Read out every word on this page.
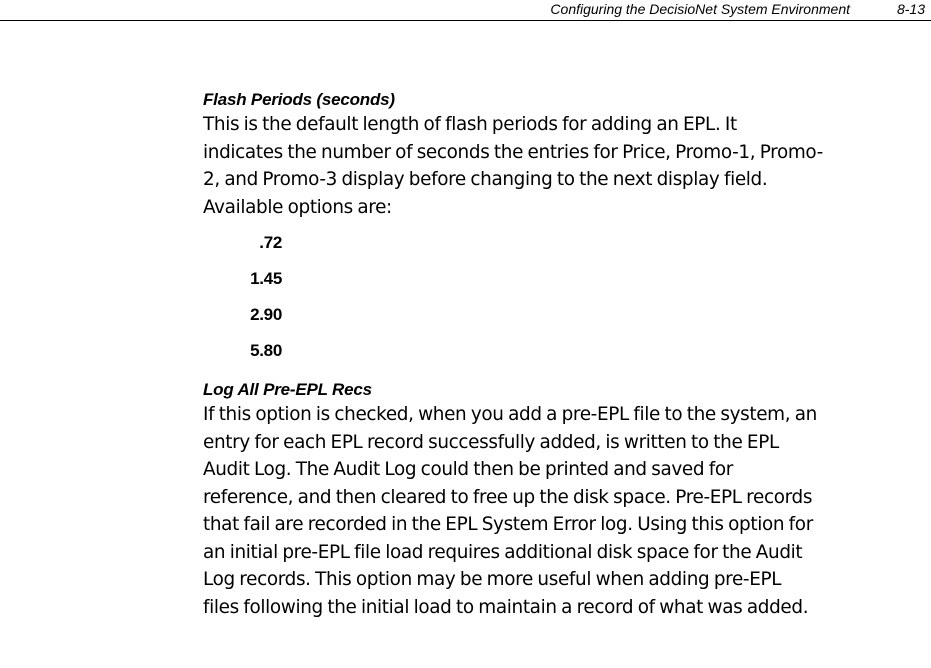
Configuring the DecisioNet System Environment	8-13
Flash Periods (seconds)

This is the default length of flash periods for adding an EPL. It
indicates the number of seconds the entries for Price, Promo-1, Promo-
2, and Promo-3 display before changing to the next display field.
Available options are:

.72
1.45
2.90
5.80
Log All Pre-EPL Recs

If this option is checked, when you add a pre-EPL file to the system, an
entry for each EPL record successfully added, is written to the EPL
Audit Log. The Audit Log could then be printed and saved for
reference, and then cleared to free up the disk space. Pre-EPL records
that fail are recorded in the EPL System Error log. Using this option for
an initial pre-EPL file load requires additional disk space for the Audit
Log records. This option may be more useful when adding pre-EPL
files following the initial load to maintain a record of what was added.
